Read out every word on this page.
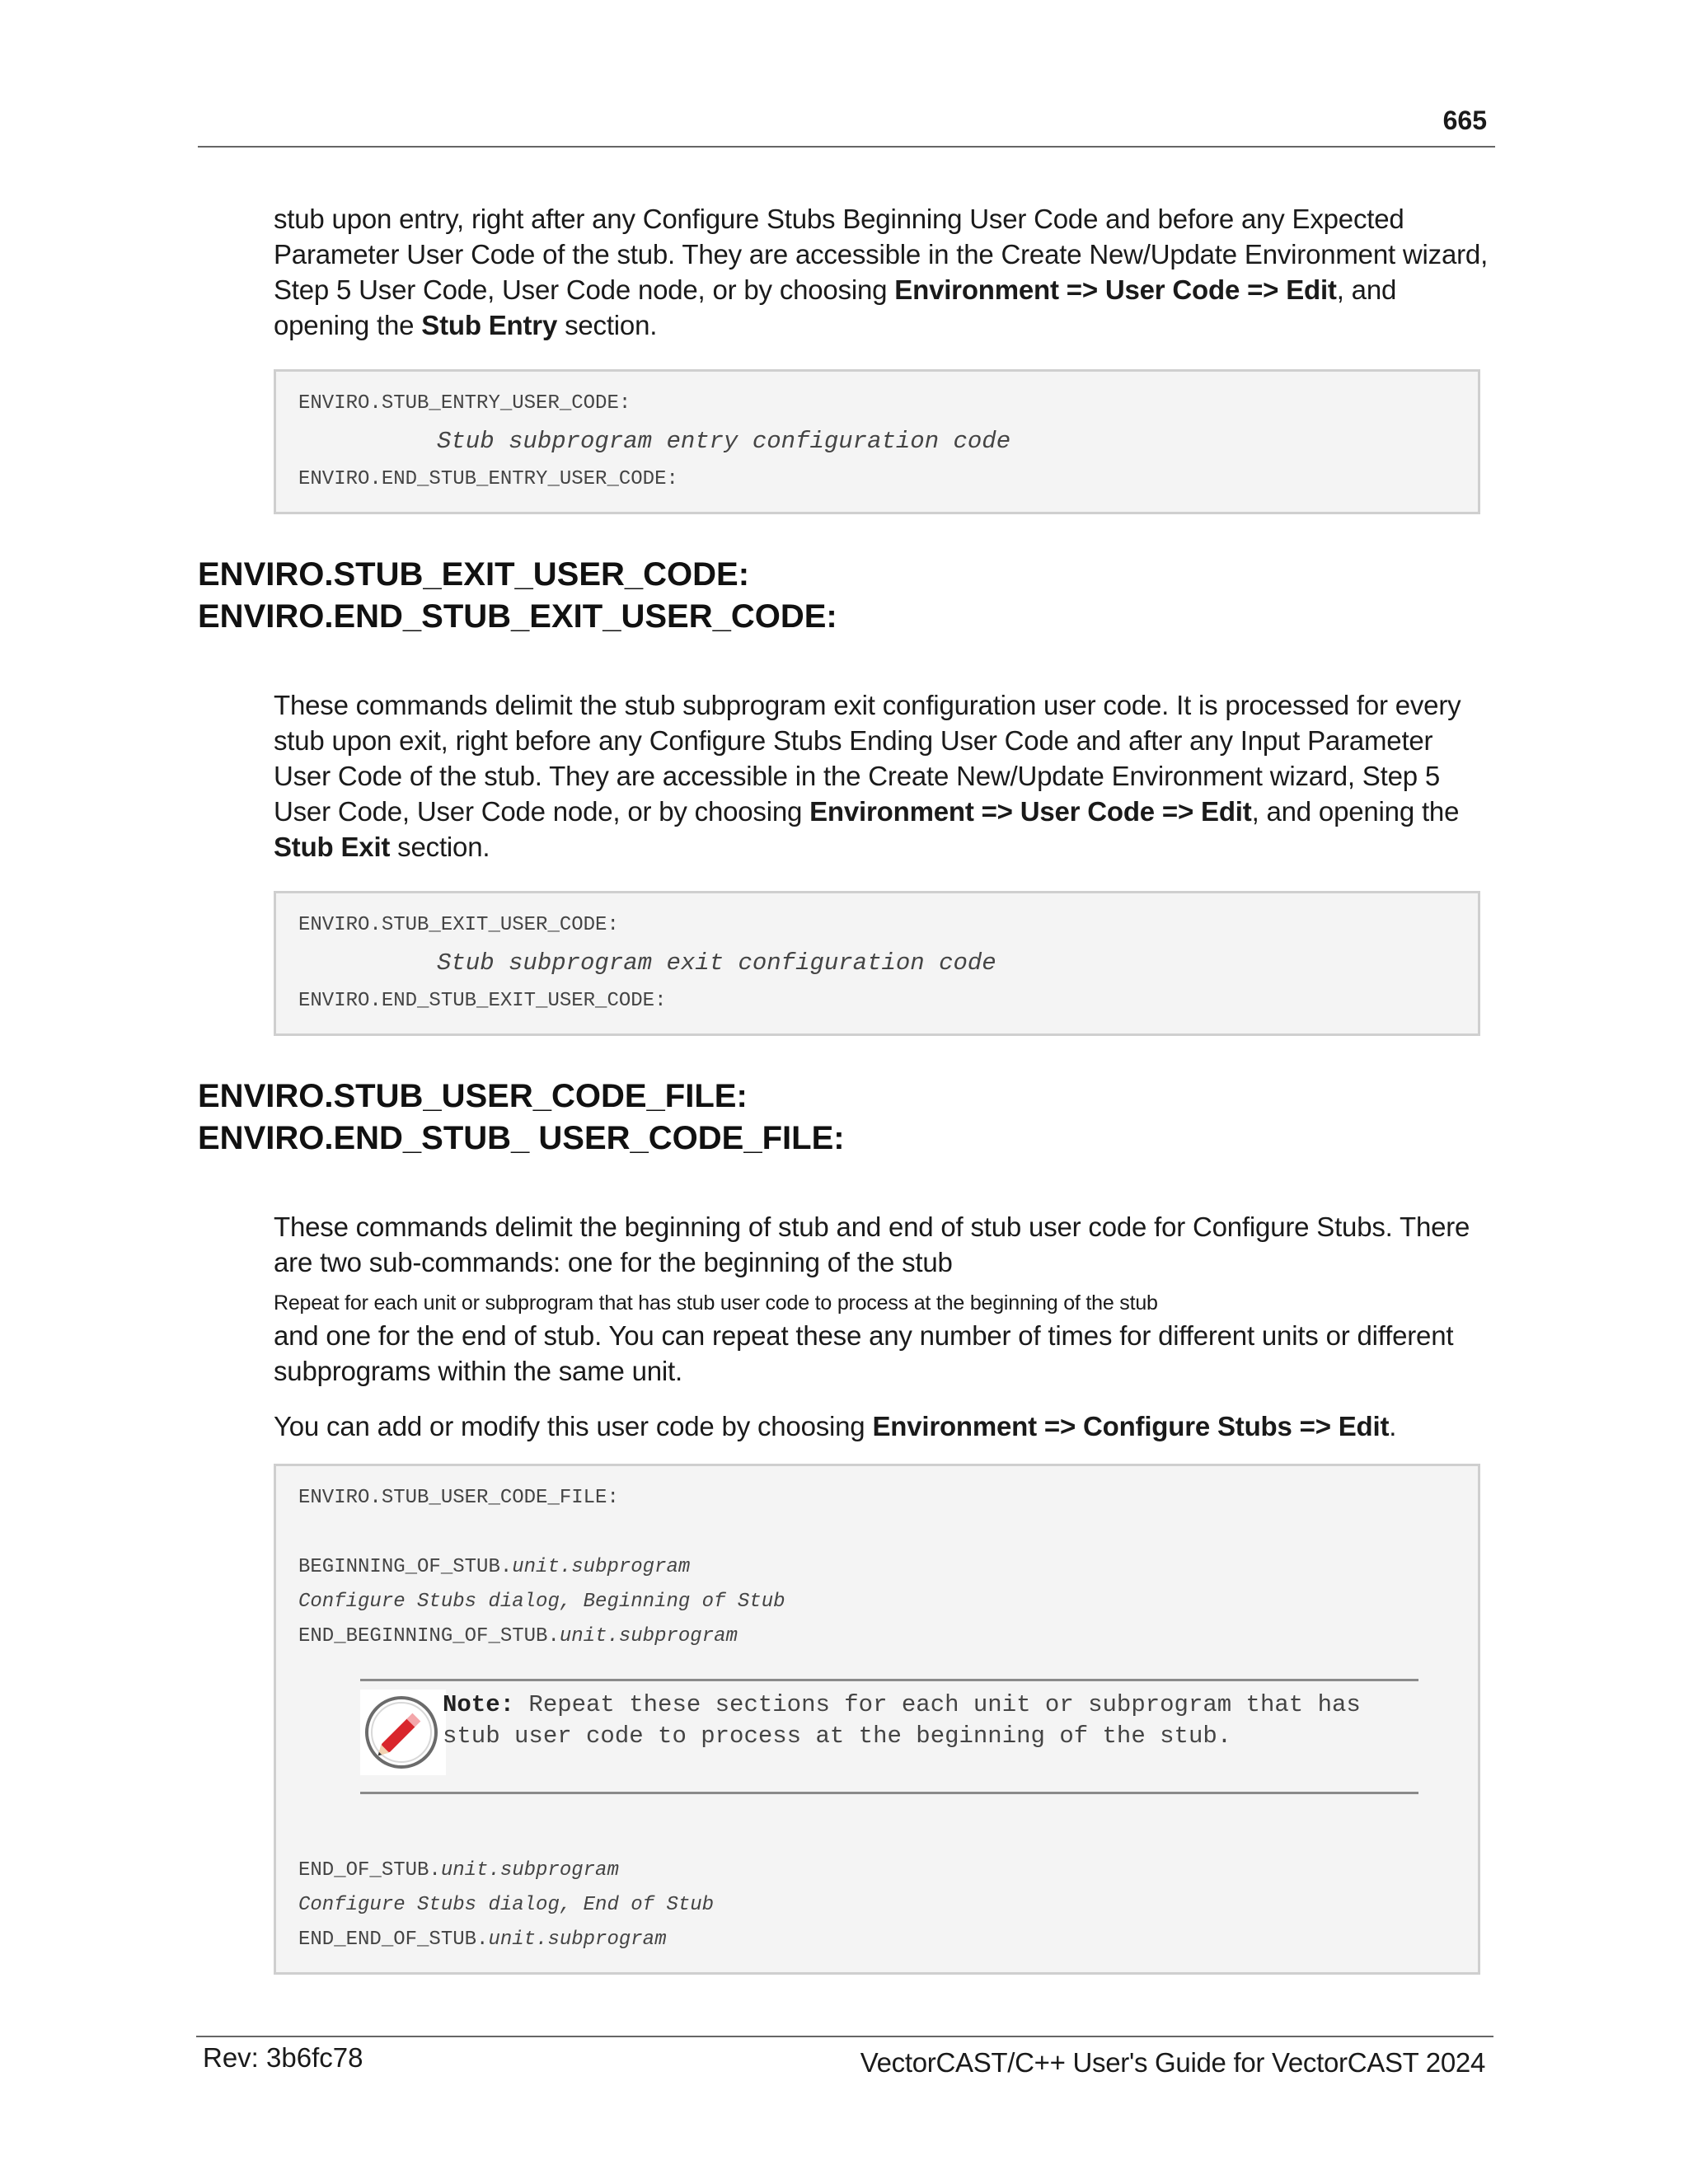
665

stub upon entry, right after any Configure Stubs Beginning User Code and before any Expected Parameter User Code of the stub. They are accessible in the Create New/Update Environment wizard, Step 5 User Code, User Code node, or by choosing Environment => User Code => Edit, and opening the Stub Entry section.

ENVIRO.STUB_ENTRY_USER_CODE:
Stub subprogram entry configuration code
ENVIRO.END_STUB_ENTRY_USER_CODE:
ENVIRO.STUB_EXIT_USER_CODE:
ENVIRO.END_STUB_EXIT_USER_CODE:

These commands delimit the stub subprogram exit configuration user code. It is processed for every stub upon exit, right before any Configure Stubs Ending User Code and after any Input Parameter User Code of the stub. They are accessible in the Create New/Update Environment wizard, Step 5 User Code, User Code node, or by choosing Environment => User Code => Edit, and opening the Stub Exit section.

ENVIRO.STUB_EXIT_USER_CODE:
Stub subprogram exit configuration code
ENVIRO.END_STUB_EXIT_USER_CODE:
ENVIRO.STUB_USER_CODE_FILE:
ENVIRO.END_STUB_ USER_CODE_FILE:

These commands delimit the beginning of stub and end of stub user code for Configure Stubs. There are two sub-commands: one for the beginning of the stub

Repeat for each unit or subprogram that has stub user code to process at the beginning of the stub

and one for the end of stub. You can repeat these any number of times for different units or different subprograms within the same unit.

You can add or modify this user code by choosing Environment => Configure Stubs => Edit.

ENVIRO.STUB_USER_CODE_FILE:
BEGINNING_OF_STUB.unit.subprogram
Configure Stubs dialog, Beginning of Stub
END_BEGINNING_OF_STUB.unit.subprogram
Note: Repeat these sections for each unit or subprogram that has stub user code to process at the beginning of the stub.
END_OF_STUB.unit.subprogram
Configure Stubs dialog, End of Stub
END_END_OF_STUB.unit.subprogram
Rev: 3b6fc78	VectorCAST/C++ User's Guide for VectorCAST 2024
